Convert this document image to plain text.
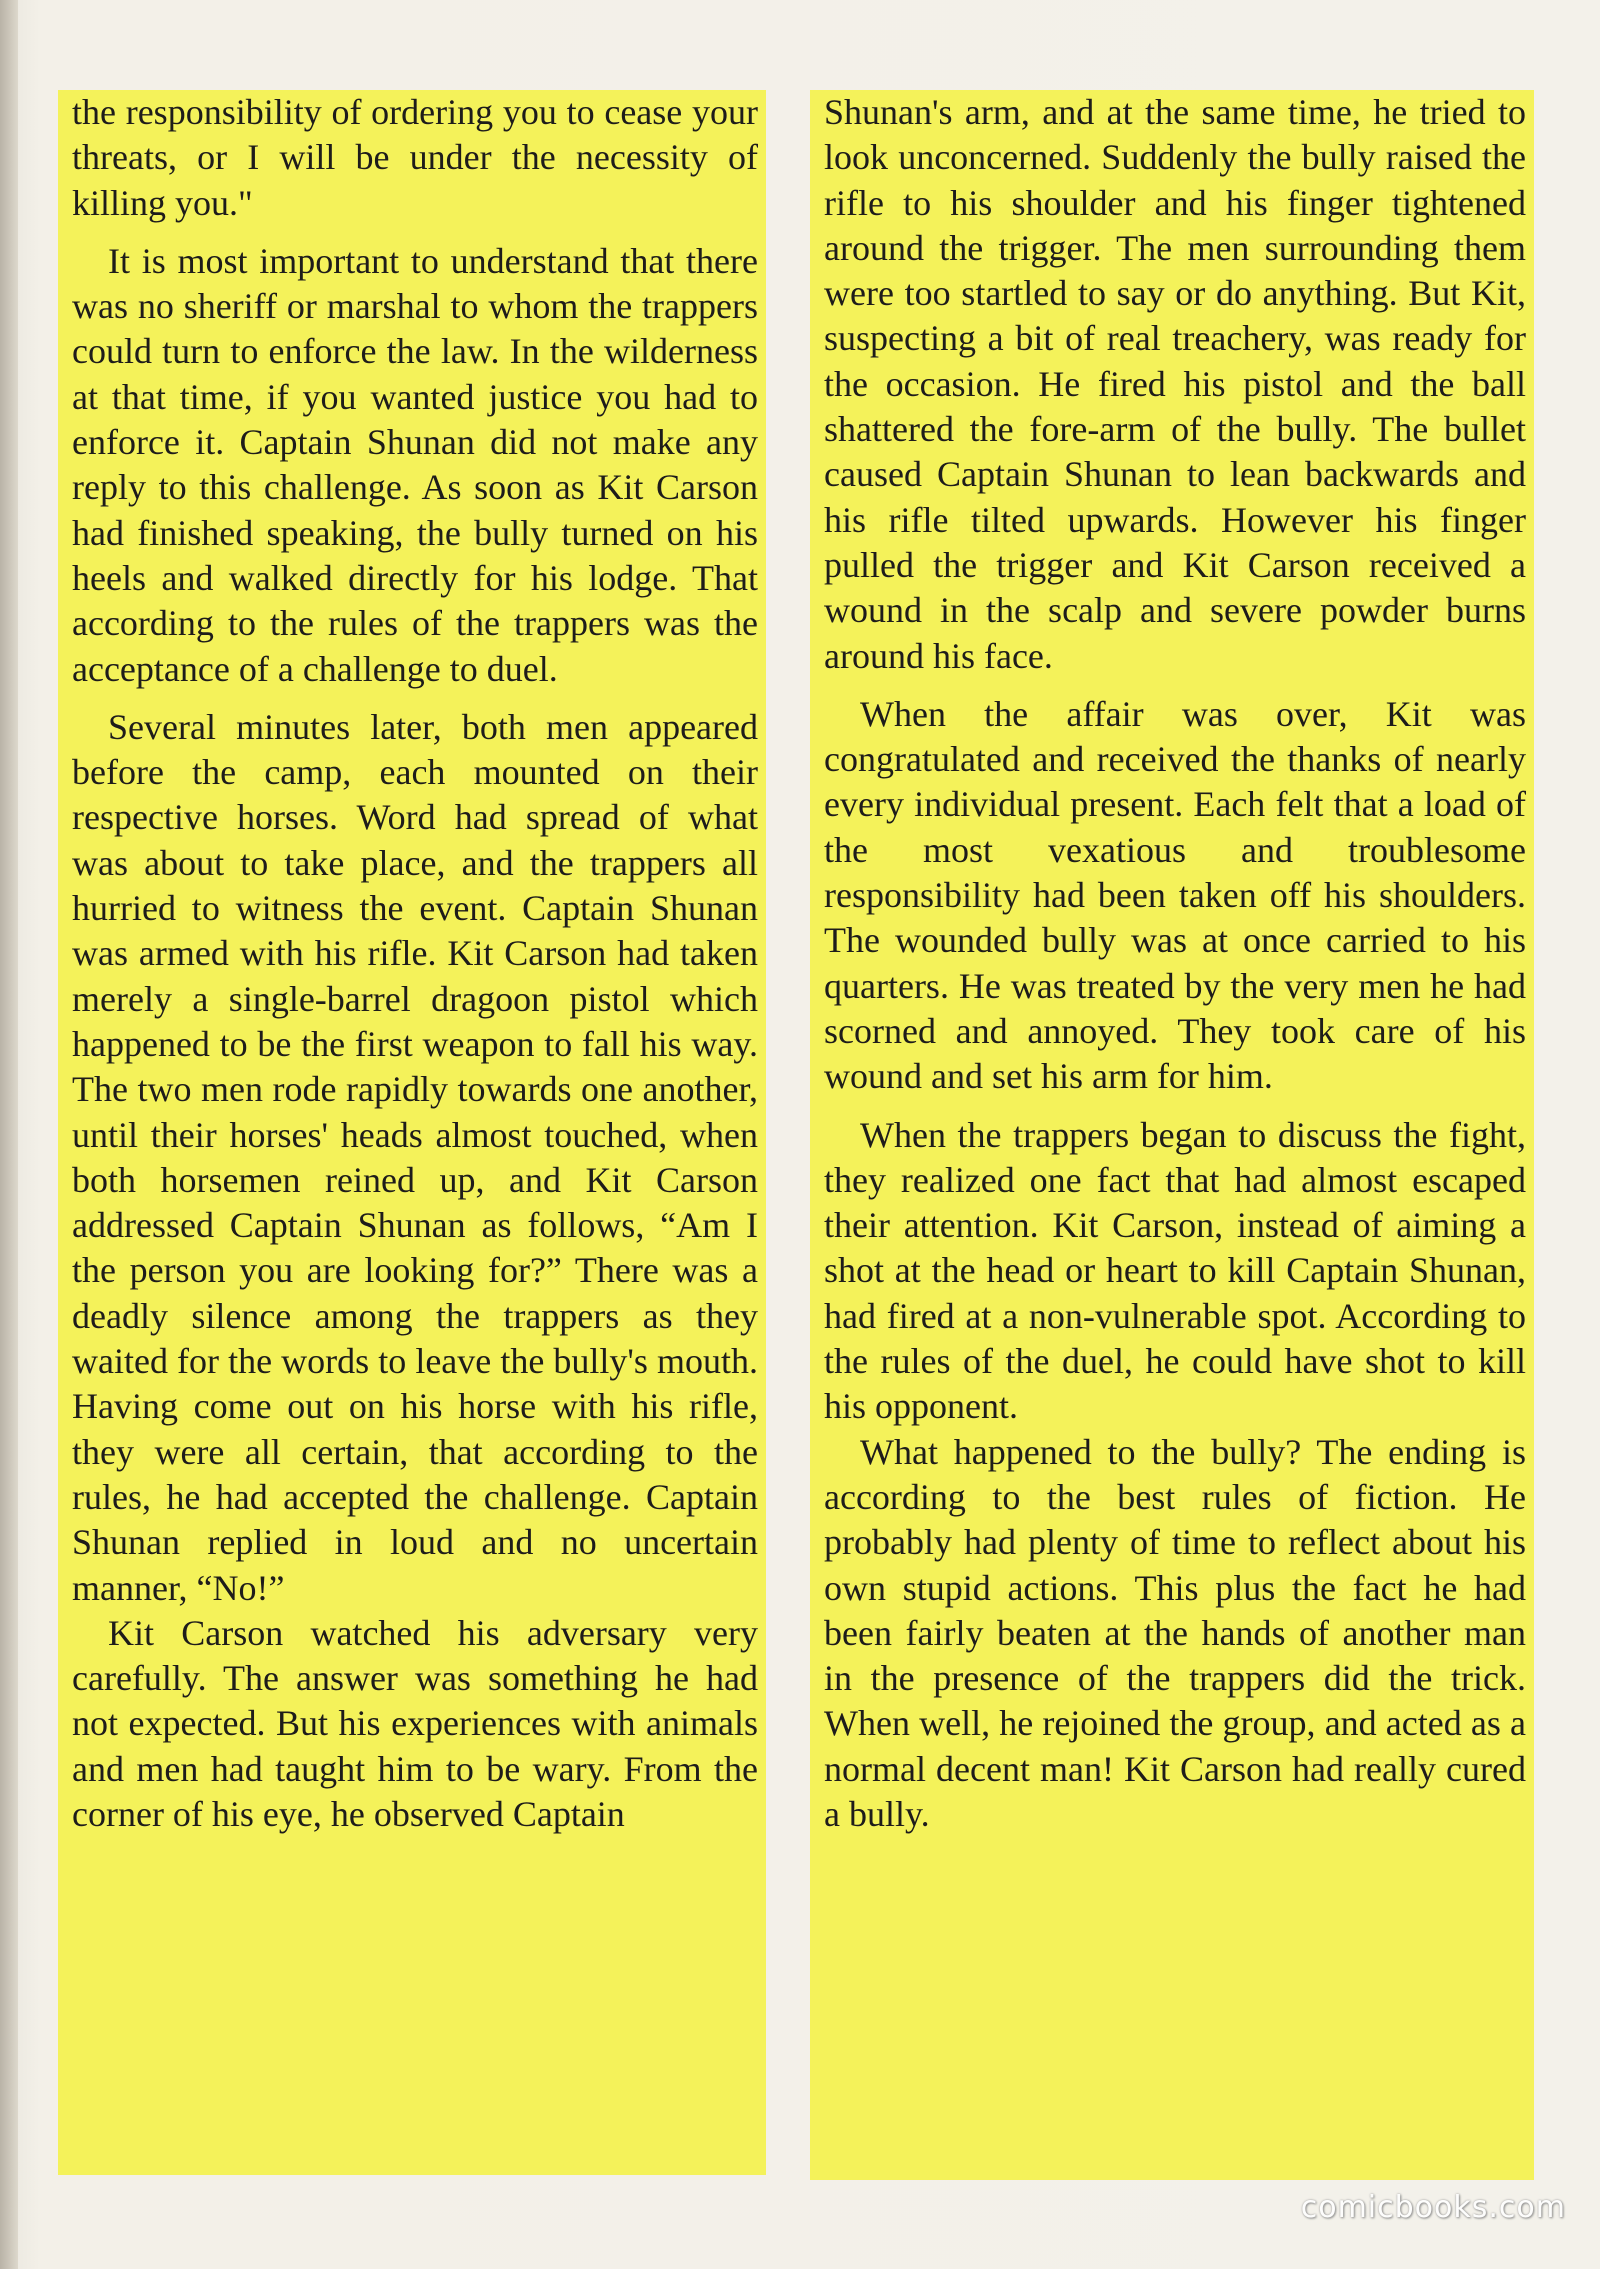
the responsibility of ordering you to cease your threats, or I will be under the necessity of killing you."

It is most important to understand that there was no sheriff or marshal to whom the trappers could turn to enforce the law. In the wilderness at that time, if you wanted justice you had to enforce it. Captain Shunan did not make any reply to this challenge. As soon as Kit Carson had finished speaking, the bully turned on his heels and walked directly for his lodge. That according to the rules of the trappers was the acceptance of a challenge to duel.

Several minutes later, both men appeared before the camp, each mounted on their respective horses. Word had spread of what was about to take place, and the trappers all hurried to witness the event. Captain Shunan was armed with his rifle. Kit Carson had taken merely a single-barrel dragoon pistol which happened to be the first weapon to fall his way. The two men rode rapidly towards one another, until their horses' heads almost touched, when both horsemen reined up, and Kit Carson addressed Captain Shunan as follows, “Am I the person you are looking for?” There was a deadly silence among the trappers as they waited for the words to leave the bully's mouth. Having come out on his horse with his rifle, they were all certain, that according to the rules, he had accepted the challenge. Captain Shunan replied in loud and no uncertain manner, “No!”

Kit Carson watched his adversary very carefully. The answer was something he had not expected. But his experiences with animals and men had taught him to be wary. From the corner of his eye, he observed Captain

Shunan's arm, and at the same time, he tried to look unconcerned. Suddenly the bully raised the rifle to his shoulder and his finger tightened around the trigger. The men surrounding them were too startled to say or do anything. But Kit, suspecting a bit of real treachery, was ready for the occasion. He fired his pistol and the ball shattered the fore-arm of the bully. The bullet caused Captain Shunan to lean backwards and his rifle tilted upwards. However his finger pulled the trigger and Kit Carson received a wound in the scalp and severe powder burns around his face.

When the affair was over, Kit was congratulated and received the thanks of nearly every individual present. Each felt that a load of the most vexatious and troublesome responsibility had been taken off his shoulders. The wounded bully was at once carried to his quarters. He was treated by the very men he had scorned and annoyed. They took care of his wound and set his arm for him.

When the trappers began to discuss the fight, they realized one fact that had almost escaped their attention. Kit Carson, instead of aiming a shot at the head or heart to kill Captain Shunan, had fired at a non-vulnerable spot. According to the rules of the duel, he could have shot to kill his opponent.

What happened to the bully? The ending is according to the best rules of fiction. He probably had plenty of time to reflect about his own stupid actions. This plus the fact he had been fairly beaten at the hands of another man in the presence of the trappers did the trick. When well, he rejoined the group, and acted as a normal decent man! Kit Carson had really cured a bully.

comicbooks.com
